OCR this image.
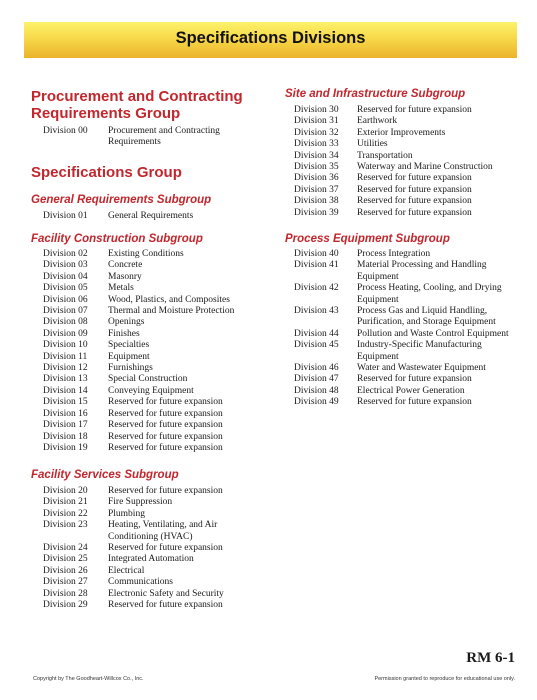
Specifications Divisions
Procurement and Contracting
Requirements Group
Division 00	Procurement and Contracting Requirements
Specifications Group
General Requirements Subgroup
Division 01	General Requirements
Facility Construction Subgroup
Division 02	Existing Conditions
Division 03	Concrete
Division 04	Masonry
Division 05	Metals
Division 06	Wood, Plastics, and Composites
Division 07	Thermal and Moisture Protection
Division 08	Openings
Division 09	Finishes
Division 10	Specialties
Division 11	Equipment
Division 12	Furnishings
Division 13	Special Construction
Division 14	Conveying Equipment
Division 15	Reserved for future expansion
Division 16	Reserved for future expansion
Division 17	Reserved for future expansion
Division 18	Reserved for future expansion
Division 19	Reserved for future expansion
Facility Services Subgroup
Division 20	Reserved for future expansion
Division 21	Fire Suppression
Division 22	Plumbing
Division 23	Heating, Ventilating, and Air Conditioning (HVAC)
Division 24	Reserved for future expansion
Division 25	Integrated Automation
Division 26	Electrical
Division 27	Communications
Division 28	Electronic Safety and Security
Division 29	Reserved for future expansion
Site and Infrastructure Subgroup
Division 30	Reserved for future expansion
Division 31	Earthwork
Division 32	Exterior Improvements
Division 33	Utilities
Division 34	Transportation
Division 35	Waterway and Marine Construction
Division 36	Reserved for future expansion
Division 37	Reserved for future expansion
Division 38	Reserved for future expansion
Division 39	Reserved for future expansion
Process Equipment Subgroup
Division 40	Process Integration
Division 41	Material Processing and Handling Equipment
Division 42	Process Heating, Cooling, and Drying Equipment
Division 43	Process Gas and Liquid Handling, Purification, and Storage Equipment
Division 44	Pollution and Waste Control Equipment
Division 45	Industry-Specific Manufacturing Equipment
Division 46	Water and Wastewater Equipment
Division 47	Reserved for future expansion
Division 48	Electrical Power Generation
Division 49	Reserved for future expansion
RM 6-1
Copyright by The Goodheart-Willcox Co., Inc.	Permission granted to reproduce for educational use only.
